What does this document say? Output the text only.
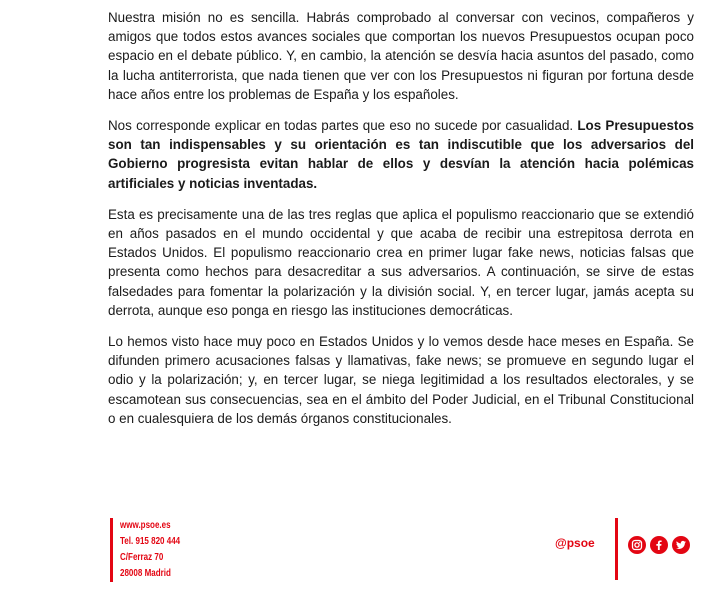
Nuestra misión no es sencilla. Habrás comprobado al conversar con vecinos, compañeros y amigos que todos estos avances sociales que comportan los nuevos Presupuestos ocupan poco espacio en el debate público. Y, en cambio, la atención se desvía hacia asuntos del pasado, como la lucha antiterrorista, que nada tienen que ver con los Presupuestos ni figuran por fortuna desde hace años entre los problemas de España y los españoles.

Nos corresponde explicar en todas partes que eso no sucede por casualidad. Los Presupuestos son tan indispensables y su orientación es tan indiscutible que los adversarios del Gobierno progresista evitan hablar de ellos y desvían la atención hacia polémicas artificiales y noticias inventadas.

Esta es precisamente una de las tres reglas que aplica el populismo reaccionario que se extendió en años pasados en el mundo occidental y que acaba de recibir una estrepitosa derrota en Estados Unidos. El populismo reaccionario crea en primer lugar fake news, noticias falsas que presenta como hechos para desacreditar a sus adversarios. A continuación, se sirve de estas falsedades para fomentar la polarización y la división social. Y, en tercer lugar, jamás acepta su derrota, aunque eso ponga en riesgo las instituciones democráticas.

Lo hemos visto hace muy poco en Estados Unidos y lo vemos desde hace meses en España. Se difunden primero acusaciones falsas y llamativas, fake news; se promueve en segundo lugar el odio y la polarización; y, en tercer lugar, se niega legitimidad a los resultados electorales, y se escamotean sus consecuencias, sea en el ámbito del Poder Judicial, en el Tribunal Constitucional o en cualesquiera de los demás órganos constitucionales.

www.psoe.es
Tel. 915 820 444
C/Ferraz 70
28008 Madrid
@psoe
